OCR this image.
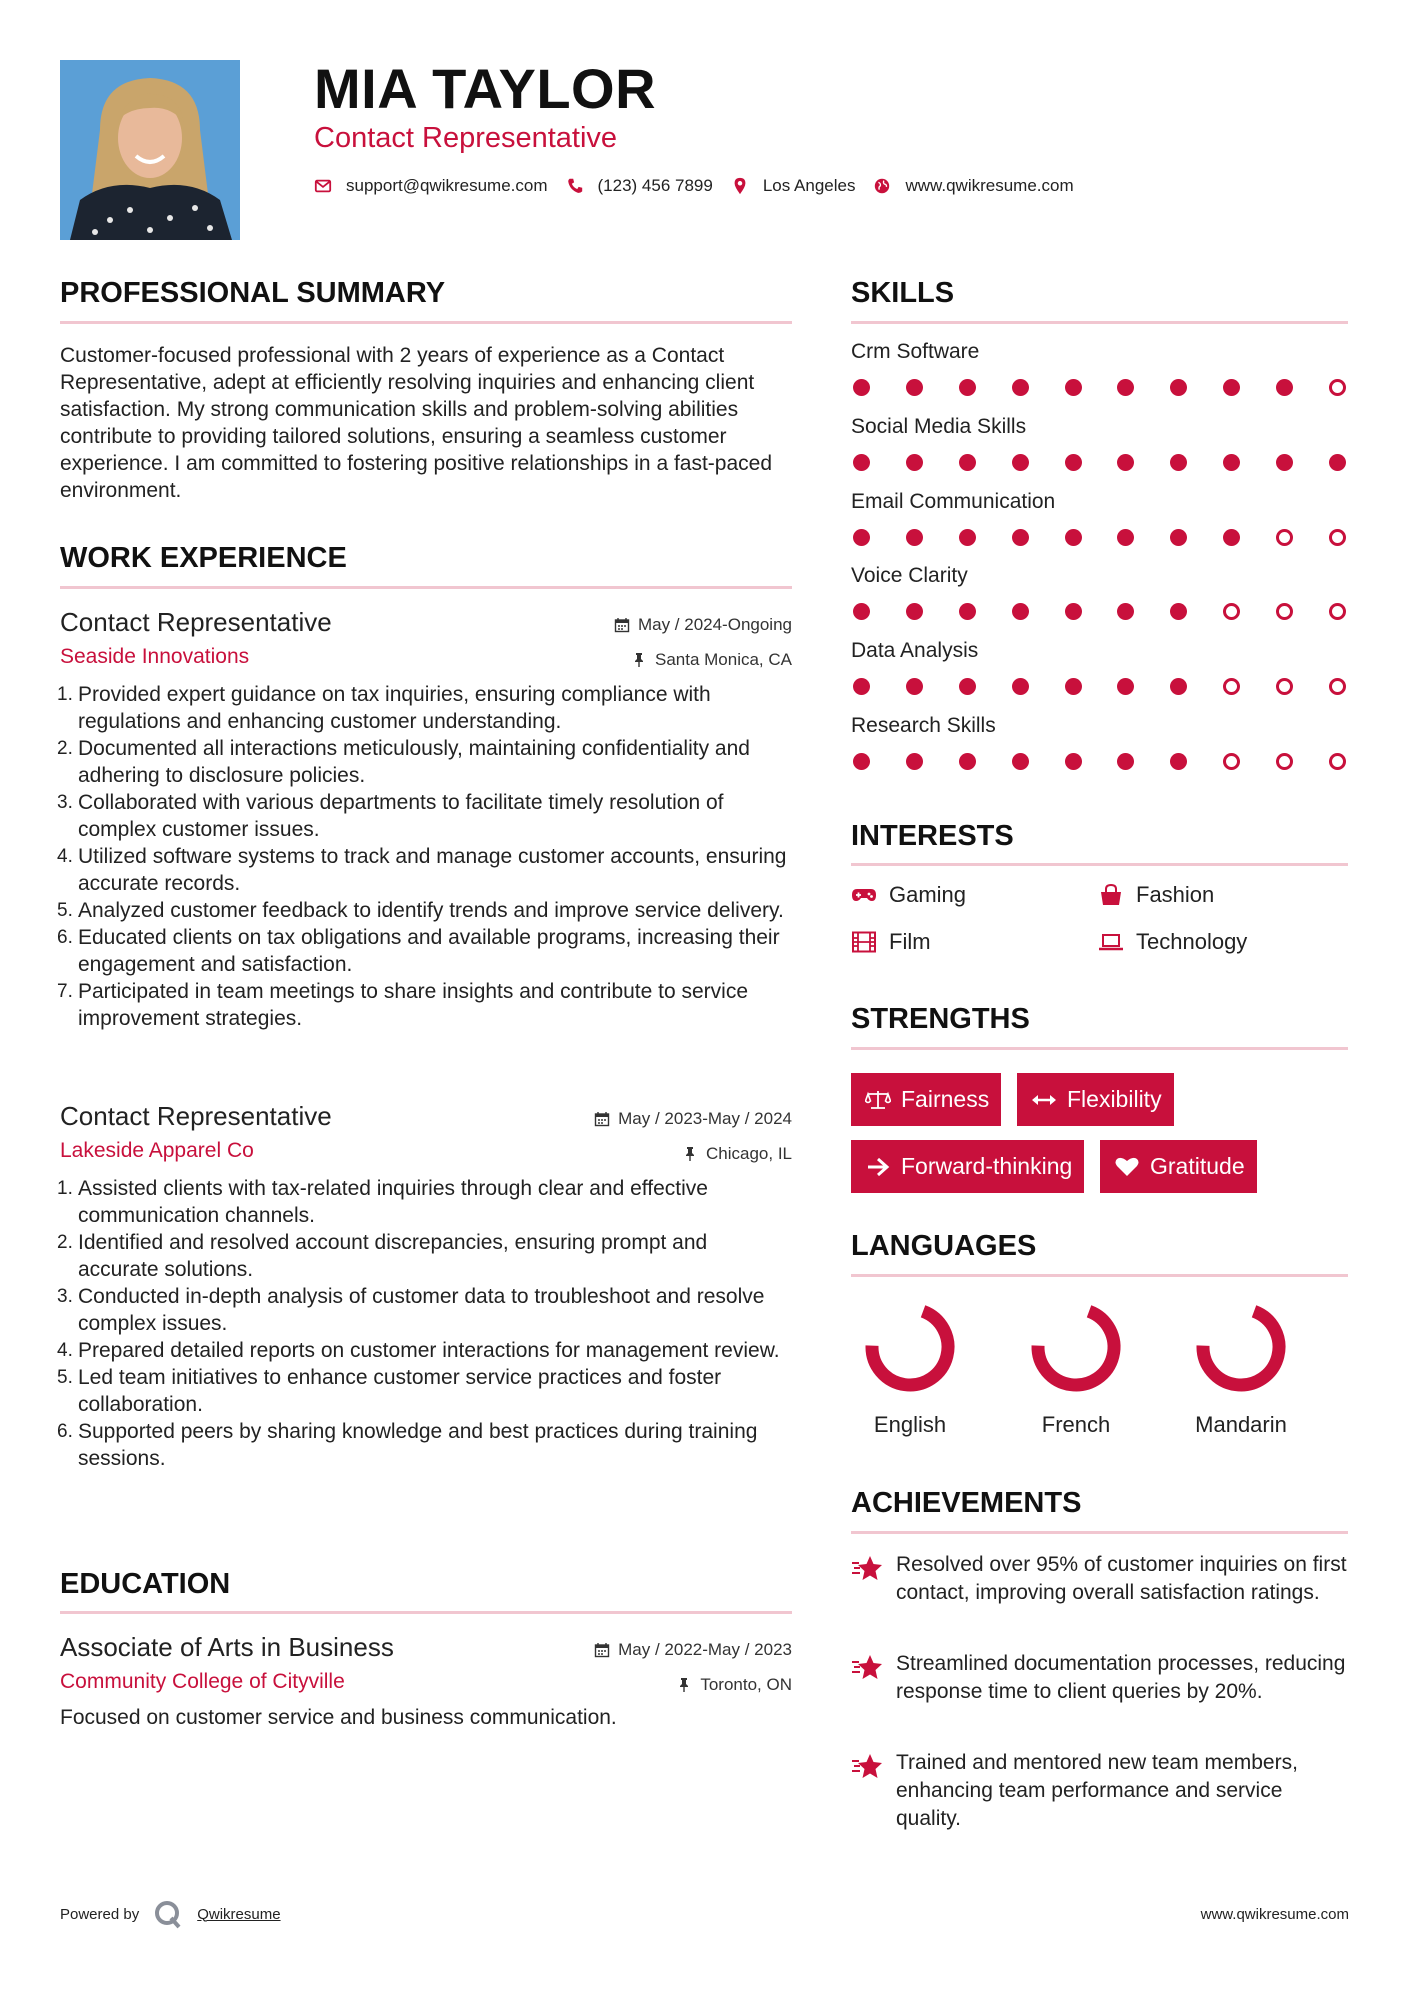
MIA TAYLOR
Contact Representative
support@qwikresume.com	(123) 456 7899	Los Angeles	www.qwikresume.com
PROFESSIONAL SUMMARY
Customer-focused professional with 2 years of experience as a Contact Representative, adept at efficiently resolving inquiries and enhancing client satisfaction. My strong communication skills and problem-solving abilities contribute to providing tailored solutions, ensuring a seamless customer experience. I am committed to fostering positive relationships in a fast-paced environment.
WORK EXPERIENCE
Contact Representative
Seaside Innovations
May / 2024-Ongoing
Santa Monica, CA
1. Provided expert guidance on tax inquiries, ensuring compliance with regulations and enhancing customer understanding.
2. Documented all interactions meticulously, maintaining confidentiality and adhering to disclosure policies.
3. Collaborated with various departments to facilitate timely resolution of complex customer issues.
4. Utilized software systems to track and manage customer accounts, ensuring accurate records.
5. Analyzed customer feedback to identify trends and improve service delivery.
6. Educated clients on tax obligations and available programs, increasing their engagement and satisfaction.
7. Participated in team meetings to share insights and contribute to service improvement strategies.
Contact Representative
Lakeside Apparel Co
May / 2023-May / 2024
Chicago, IL
1. Assisted clients with tax-related inquiries through clear and effective communication channels.
2. Identified and resolved account discrepancies, ensuring prompt and accurate solutions.
3. Conducted in-depth analysis of customer data to troubleshoot and resolve complex issues.
4. Prepared detailed reports on customer interactions for management review.
5. Led team initiatives to enhance customer service practices and foster collaboration.
6. Supported peers by sharing knowledge and best practices during training sessions.
EDUCATION
Associate of Arts in Business
Community College of Cityville
May / 2022-May / 2023
Toronto, ON
Focused on customer service and business communication.
SKILLS
Crm Software
Social Media Skills
Email Communication
Voice Clarity
Data Analysis
Research Skills
INTERESTS
Gaming	Fashion
Film	Technology
STRENGTHS
Fairness	Flexibility
Forward-thinking	Gratitude
LANGUAGES
English	French	Mandarin
ACHIEVEMENTS
Resolved over 95% of customer inquiries on first contact, improving overall satisfaction ratings.
Streamlined documentation processes, reducing response time to client queries by 20%.
Trained and mentored new team members, enhancing team performance and service quality.
Powered by	Qwikresume	www.qwikresume.com
